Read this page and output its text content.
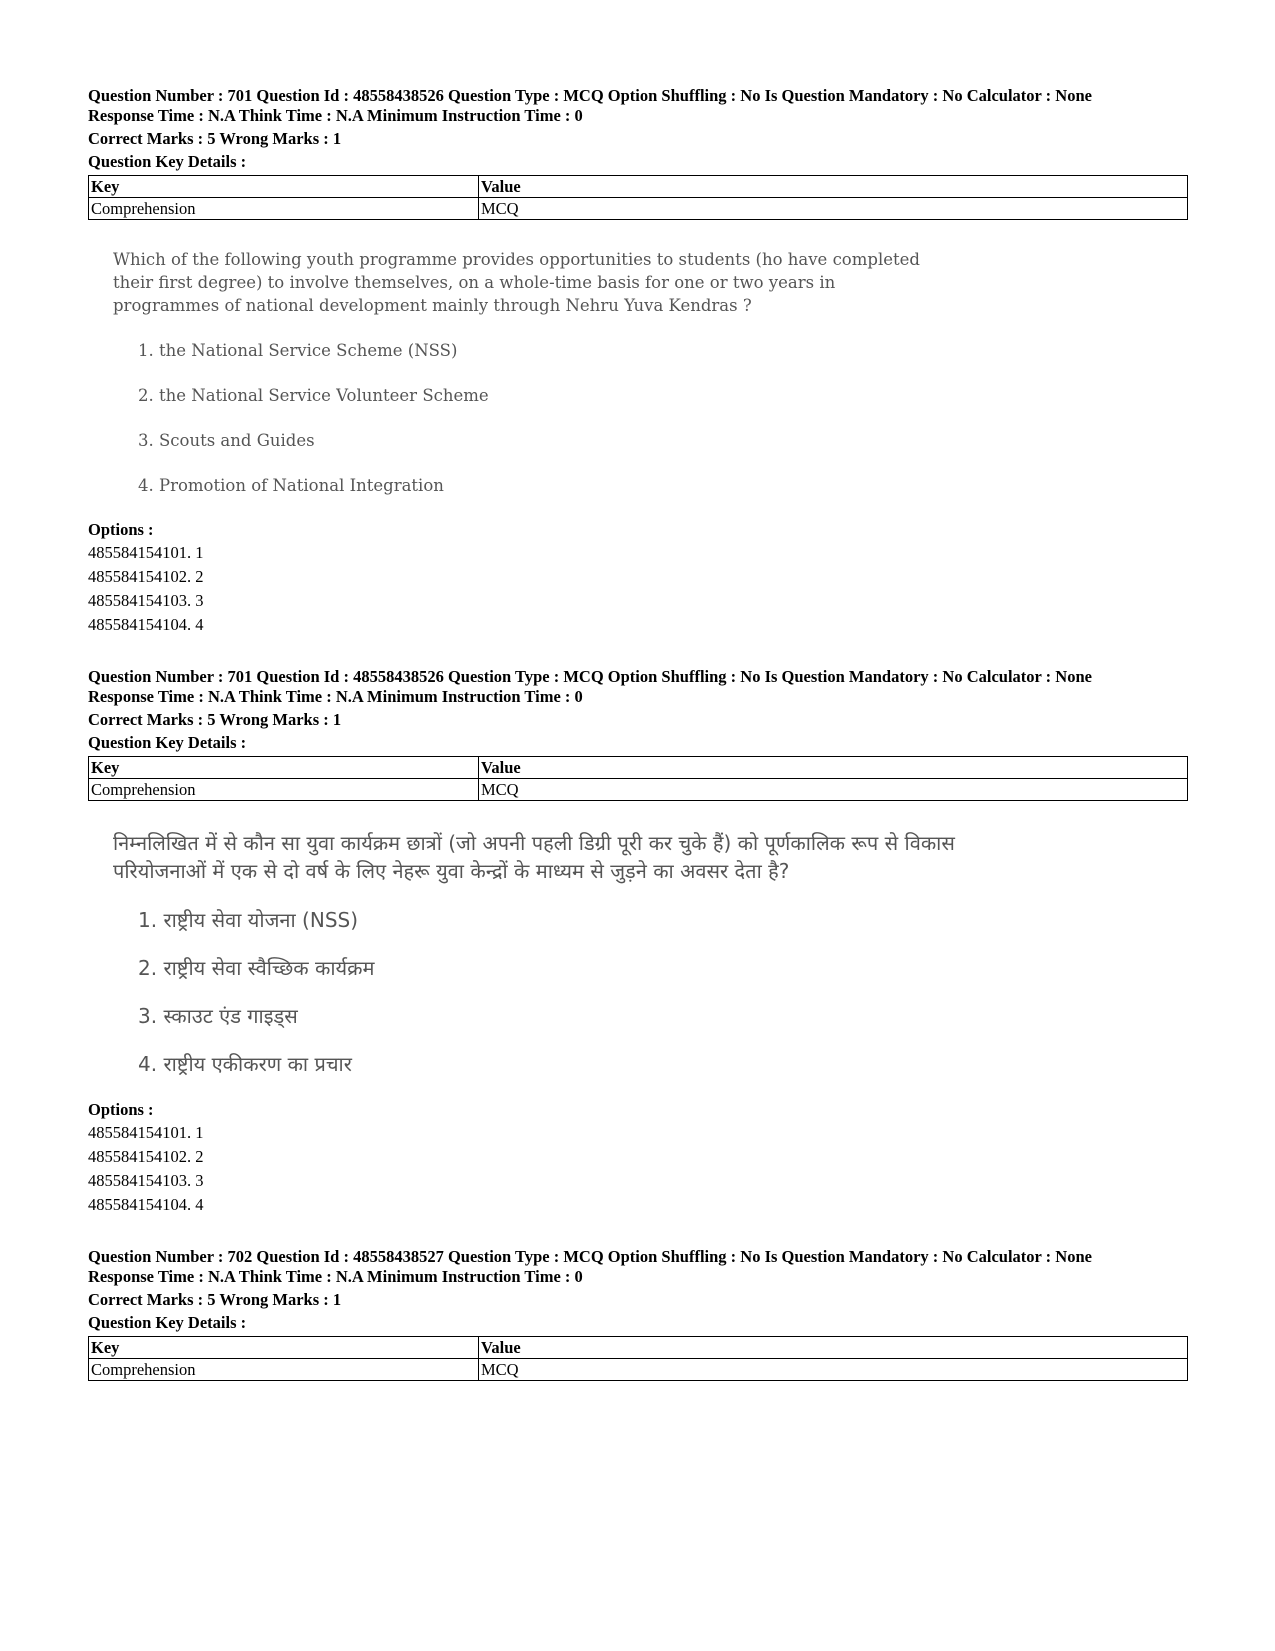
Question Number : 701 Question Id : 48558438526 Question Type : MCQ Option Shuffling : No Is Question Mandatory : No Calculator : None
Response Time : N.A Think Time : N.A Minimum Instruction Time : 0
Correct Marks : 5 Wrong Marks : 1
Question Key Details :
Key	Value
Comprehension	MCQ
Which of the following youth programme provides opportunities to students (ho have completed their first degree) to involve themselves, on a whole-time basis for one or two years in programmes of national development mainly through Nehru Yuva Kendras ?
1. the National Service Scheme (NSS)
2. the National Service Volunteer Scheme
3. Scouts and Guides
4. Promotion of National Integration
Options :
485584154101. 1
485584154102. 2
485584154103. 3
485584154104. 4
Question Number : 701 Question Id : 48558438526 Question Type : MCQ Option Shuffling : No Is Question Mandatory : No Calculator : None
Response Time : N.A Think Time : N.A Minimum Instruction Time : 0
Correct Marks : 5 Wrong Marks : 1
Question Key Details :
Key	Value
Comprehension	MCQ
निम्नलिखित में से कौन सा युवा कार्यक्रम छात्रों (जो अपनी पहली डिग्री पूरी कर चुके हैं) को पूर्णकालिक रूप से विकास परियोजनाओं में एक से दो वर्ष के लिए नेहरू युवा केन्द्रों के माध्यम से जुड़ने का अवसर देता है?
1. राष्ट्रीय सेवा योजना (NSS)
2. राष्ट्रीय सेवा स्वैच्छिक कार्यक्रम
3. स्काउट एंड गाइड्स
4. राष्ट्रीय एकीकरण का प्रचार
Options :
485584154101. 1
485584154102. 2
485584154103. 3
485584154104. 4
Question Number : 702 Question Id : 48558438527 Question Type : MCQ Option Shuffling : No Is Question Mandatory : No Calculator : None
Response Time : N.A Think Time : N.A Minimum Instruction Time : 0
Correct Marks : 5 Wrong Marks : 1
Question Key Details :
Key	Value
Comprehension	MCQ
